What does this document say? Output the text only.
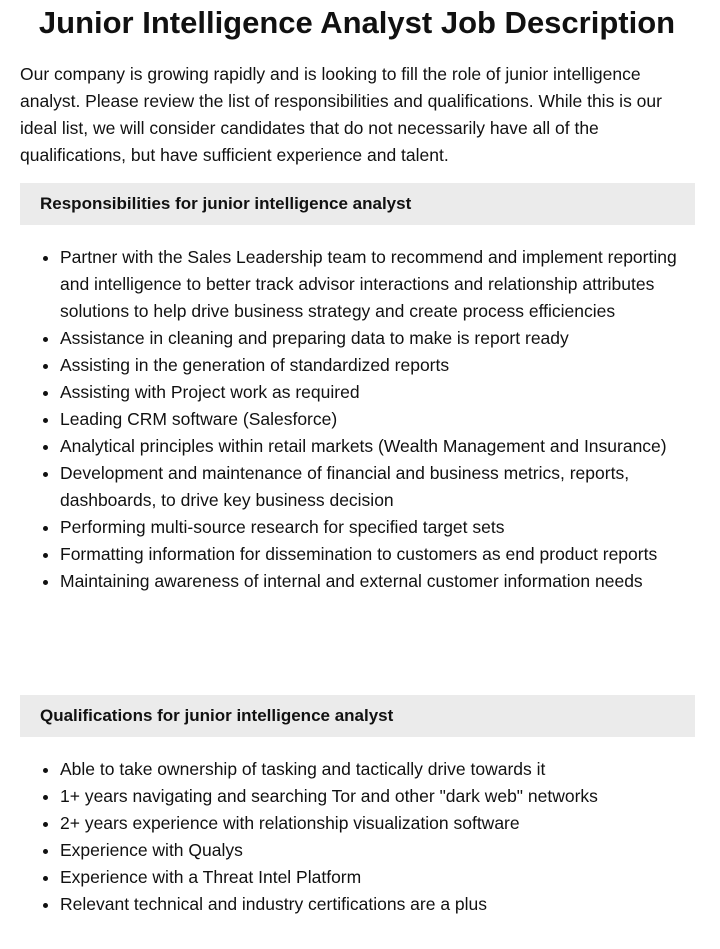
Junior Intelligence Analyst Job Description

Our company is growing rapidly and is looking to fill the role of junior intelligence analyst. Please review the list of responsibilities and qualifications. While this is our ideal list, we will consider candidates that do not necessarily have all of the qualifications, but have sufficient experience and talent.

Responsibilities for junior intelligence analyst
• Partner with the Sales Leadership team to recommend and implement reporting and intelligence to better track advisor interactions and relationship attributes solutions to help drive business strategy and create process efficiencies
• Assistance in cleaning and preparing data to make is report ready
• Assisting in the generation of standardized reports
• Assisting with Project work as required
• Leading CRM software (Salesforce)
• Analytical principles within retail markets (Wealth Management and Insurance)
• Development and maintenance of financial and business metrics, reports, dashboards, to drive key business decision
• Performing multi-source research for specified target sets
• Formatting information for dissemination to customers as end product reports
• Maintaining awareness of internal and external customer information needs
Qualifications for junior intelligence analyst
• Able to take ownership of tasking and tactically drive towards it
• 1+ years navigating and searching Tor and other "dark web" networks
• 2+ years experience with relationship visualization software
• Experience with Qualys
• Experience with a Threat Intel Platform
• Relevant technical and industry certifications are a plus
